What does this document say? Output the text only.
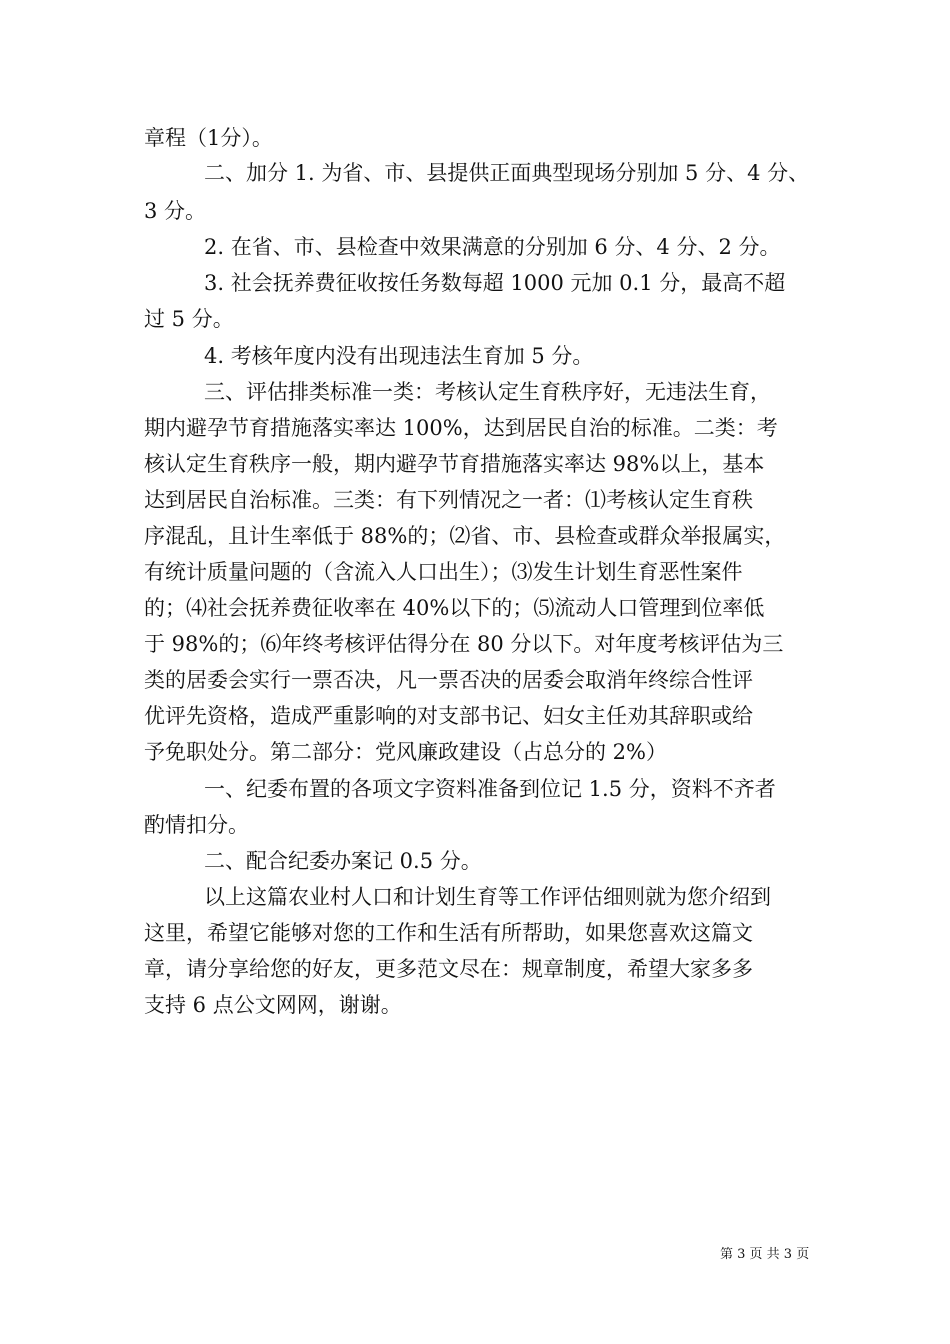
章程（1分）。
二、加分 1. 为省、市、县提供正面典型现场分别加 5 分、4 分、
3 分。
2. 在省、市、县检查中效果满意的分别加 6 分、4 分、2 分。
3. 社会抚养费征收按任务数每超 1000 元加 0.1 分，最高不超
过 5 分。
4. 考核年度内没有出现违法生育加 5 分。
三、评估排类标准一类：考核认定生育秩序好，无违法生育，
期内避孕节育措施落实率达 100%，达到居民自治的标准。二类：考
核认定生育秩序一般，期内避孕节育措施落实率达 98%以上，基本
达到居民自治标准。三类：有下列情况之一者：⑴考核认定生育秩
序混乱，且计生率低于 88%的；⑵省、市、县检查或群众举报属实，
有统计质量问题的（含流入人口出生）；⑶发生计划生育恶性案件
的；⑷社会抚养费征收率在 40%以下的；⑸流动人口管理到位率低
于 98%的；⑹年终考核评估得分在 80 分以下。对年度考核评估为三
类的居委会实行一票否决，凡一票否决的居委会取消年终综合性评
优评先资格，造成严重影响的对支部书记、妇女主任劝其辞职或给
予免职处分。第二部分：党风廉政建设（占总分的 2%）
一、纪委布置的各项文字资料准备到位记 1.5 分，资料不齐者
酌情扣分。
二、配合纪委办案记 0.5 分。
以上这篇农业村人口和计划生育等工作评估细则就为您介绍到
这里，希望它能够对您的工作和生活有所帮助，如果您喜欢这篇文
章，请分享给您的好友，更多范文尽在：规章制度，希望大家多多
支持 6 点公文网网，谢谢。
第 3 页 共 3 页
